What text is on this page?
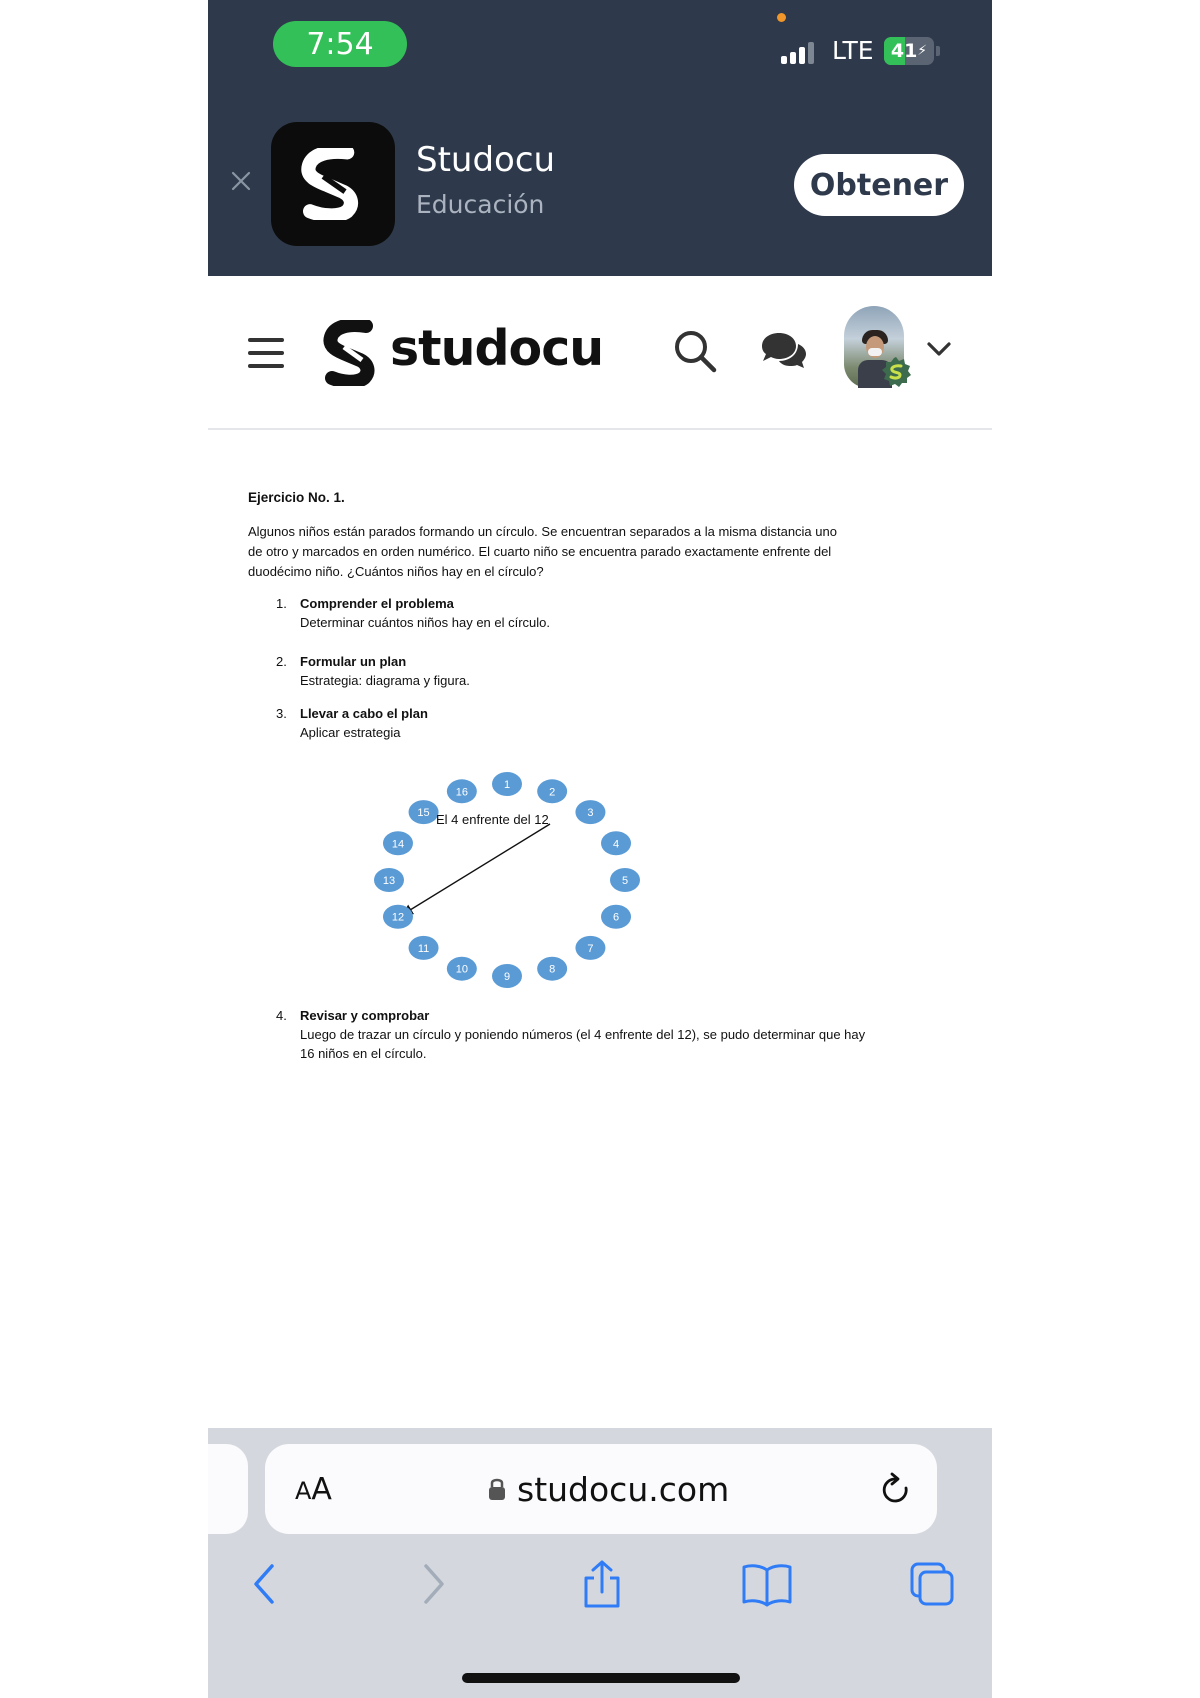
7:54	LTE 41 ⚡
Studocu
Educación
Obtener
studocu
Ejercicio No. 1.
Algunos niños están parados formando un círculo. Se encuentran separados a la misma distancia uno de otro y marcados en orden numérico. El cuarto niño se encuentra parado exactamente enfrente del duodécimo niño. ¿Cuántos niños hay en el círculo?
1.	Comprender el problema
Determinar cuántos niños hay en el círculo.
2.	Formular un plan
Estrategia: diagrama y figura.
3.	Llevar a cabo el plan
Aplicar estrategia
1
2
3
4
5
6
7
8
9
10
11
12
13
14
15
16
El 4 enfrente del 12
4.	Revisar y comprobar
Luego de trazar un círculo y poniendo números (el 4 enfrente del 12), se pudo determinar que hay 16 niños en el círculo.
AA	studocu.com
